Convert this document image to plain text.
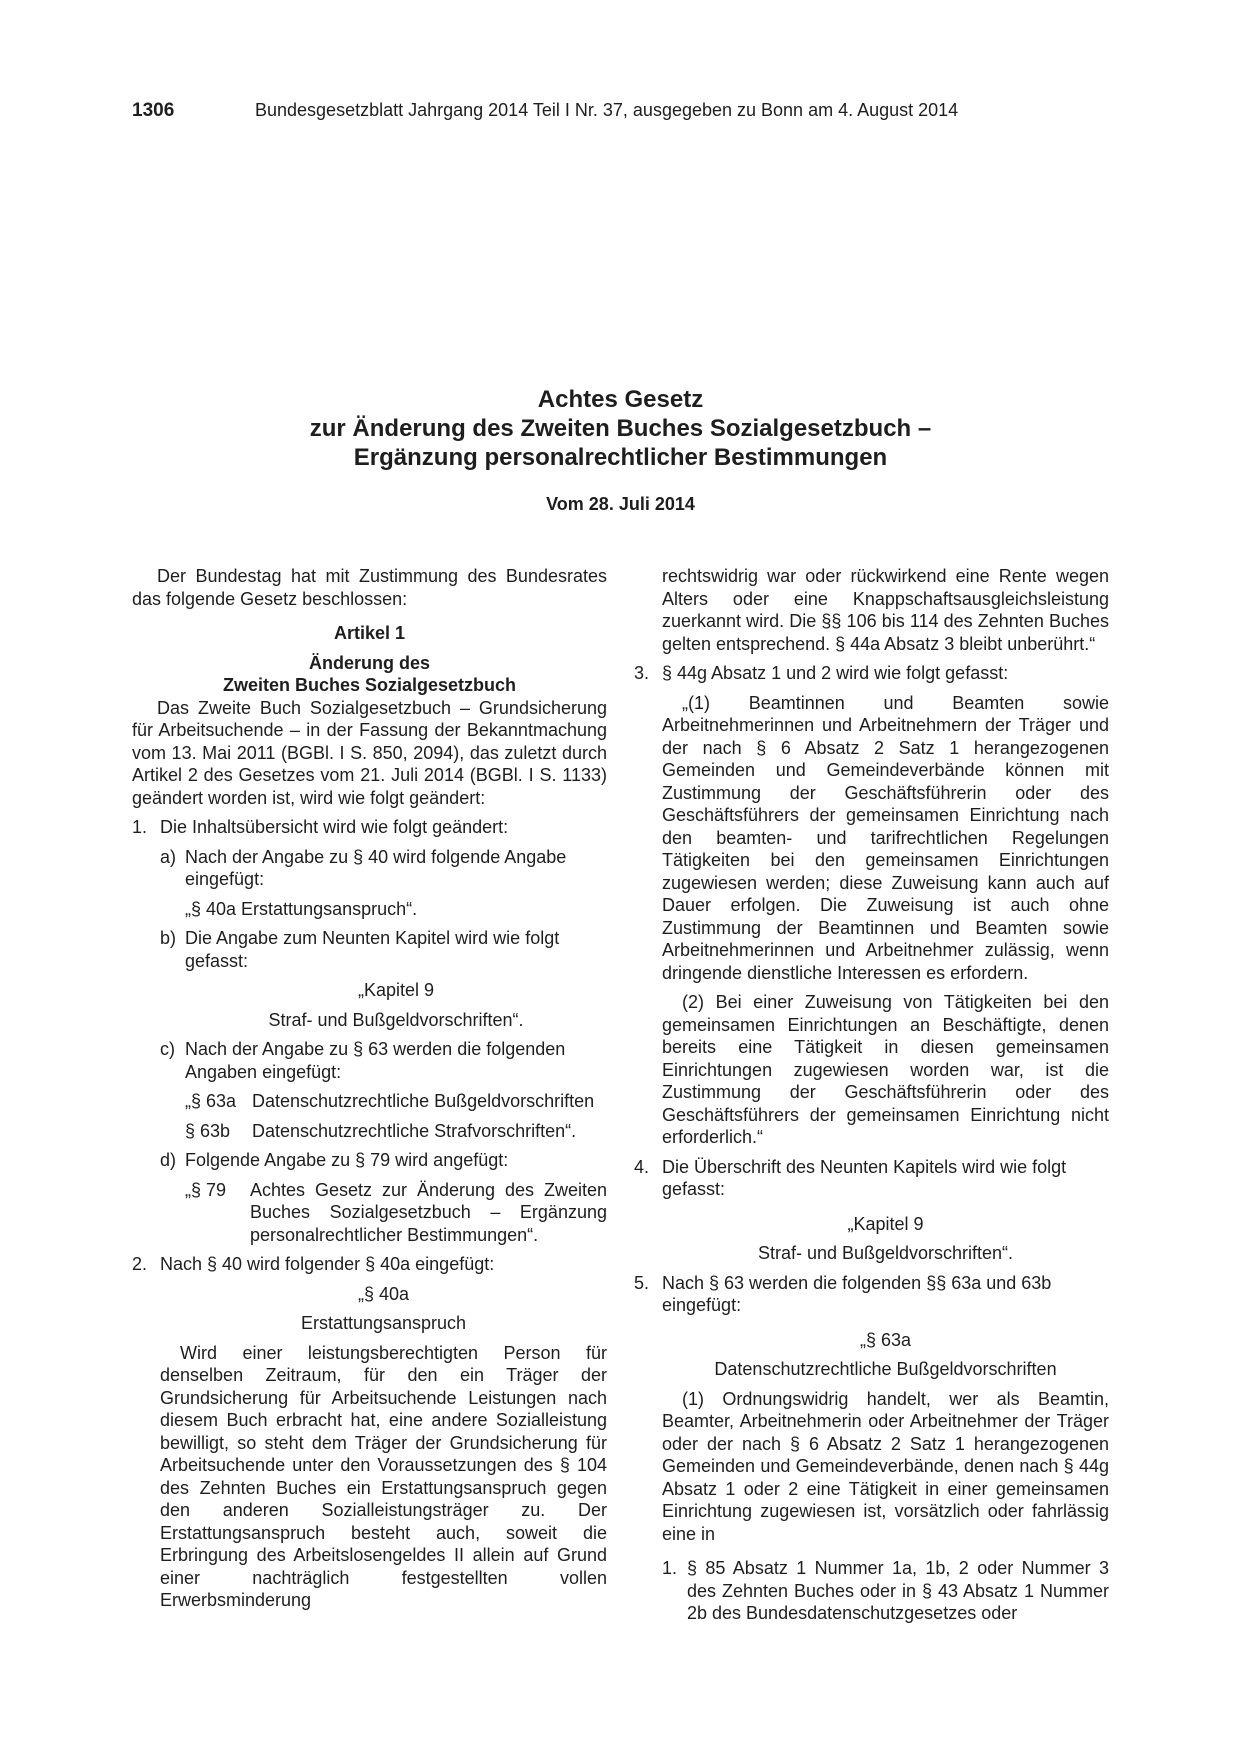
1306	Bundesgesetzblatt Jahrgang 2014 Teil I Nr. 37, ausgegeben zu Bonn am 4. August 2014
Achtes Gesetz
zur Änderung des Zweiten Buches Sozialgesetzbuch –
Ergänzung personalrechtlicher Bestimmungen
Vom 28. Juli 2014

Der Bundestag hat mit Zustimmung des Bundesrates das folgende Gesetz beschlossen:

Artikel 1
Änderung des
Zweiten Buches Sozialgesetzbuch

Das Zweite Buch Sozialgesetzbuch – Grundsicherung für Arbeitsuchende – in der Fassung der Bekanntmachung vom 13. Mai 2011 (BGBl. I S. 850, 2094), das zuletzt durch Artikel 2 des Gesetzes vom 21. Juli 2014 (BGBl. I S. 1133) geändert worden ist, wird wie folgt geändert:

1. Die Inhaltsübersicht wird wie folgt geändert:
a) Nach der Angabe zu § 40 wird folgende Angabe eingefügt:
„§ 40a Erstattungsanspruch“.
b) Die Angabe zum Neunten Kapitel wird wie folgt gefasst:
„Kapitel 9
Straf- und Bußgeldvorschriften“.
c) Nach der Angabe zu § 63 werden die folgenden Angaben eingefügt:
„§ 63a Datenschutzrechtliche Bußgeldvorschriften
§ 63b Datenschutzrechtliche Strafvorschriften“.
d) Folgende Angabe zu § 79 wird angefügt:
„§ 79 Achtes Gesetz zur Änderung des Zweiten Buches Sozialgesetzbuch – Ergänzung personalrechtlicher Bestimmungen“.
2. Nach § 40 wird folgender § 40a eingefügt:
„§ 40a
Erstattungsanspruch

Wird einer leistungsberechtigten Person für denselben Zeitraum, für den ein Träger der Grundsicherung für Arbeitsuchende Leistungen nach diesem Buch erbracht hat, eine andere Sozialleistung bewilligt, so steht dem Träger der Grundsicherung für Arbeitsuchende unter den Voraussetzungen des § 104 des Zehnten Buches ein Erstattungsanspruch gegen den anderen Sozialleistungsträger zu. Der Erstattungsanspruch besteht auch, soweit die Erbringung des Arbeitslosengeldes II allein auf Grund einer nachträglich festgestellten vollen Erwerbsminderung

rechtswidrig war oder rückwirkend eine Rente wegen Alters oder eine Knappschaftsausgleichsleistung zuerkannt wird. Die §§ 106 bis 114 des Zehnten Buches gelten entsprechend. § 44a Absatz 3 bleibt unberührt.“

3. § 44g Absatz 1 und 2 wird wie folgt gefasst:

„(1) Beamtinnen und Beamten sowie Arbeitnehmerinnen und Arbeitnehmern der Träger und der nach § 6 Absatz 2 Satz 1 herangezogenen Gemeinden und Gemeindeverbände können mit Zustimmung der Geschäftsführerin oder des Geschäftsführers der gemeinsamen Einrichtung nach den beamten- und tarifrechtlichen Regelungen Tätigkeiten bei den gemeinsamen Einrichtungen zugewiesen werden; diese Zuweisung kann auch auf Dauer erfolgen. Die Zuweisung ist auch ohne Zustimmung der Beamtinnen und Beamten sowie Arbeitnehmerinnen und Arbeitnehmer zulässig, wenn dringende dienstliche Interessen es erfordern.

(2) Bei einer Zuweisung von Tätigkeiten bei den gemeinsamen Einrichtungen an Beschäftigte, denen bereits eine Tätigkeit in diesen gemeinsamen Einrichtungen zugewiesen worden war, ist die Zustimmung der Geschäftsführerin oder des Geschäftsführers der gemeinsamen Einrichtung nicht erforderlich.“

4. Die Überschrift des Neunten Kapitels wird wie folgt gefasst:
„Kapitel 9
Straf- und Bußgeldvorschriften“.
5. Nach § 63 werden die folgenden §§ 63a und 63b eingefügt:
„§ 63a
Datenschutzrechtliche Bußgeldvorschriften

(1) Ordnungswidrig handelt, wer als Beamtin, Beamter, Arbeitnehmerin oder Arbeitnehmer der Träger oder der nach § 6 Absatz 2 Satz 1 herangezogenen Gemeinden und Gemeindeverbände, denen nach § 44g Absatz 1 oder 2 eine Tätigkeit in einer gemeinsamen Einrichtung zugewiesen ist, vorsätzlich oder fahrlässig eine in

1. § 85 Absatz 1 Nummer 1a, 1b, 2 oder Nummer 3 des Zehnten Buches oder in § 43 Absatz 1 Nummer 2b des Bundesdatenschutzgesetzes oder
